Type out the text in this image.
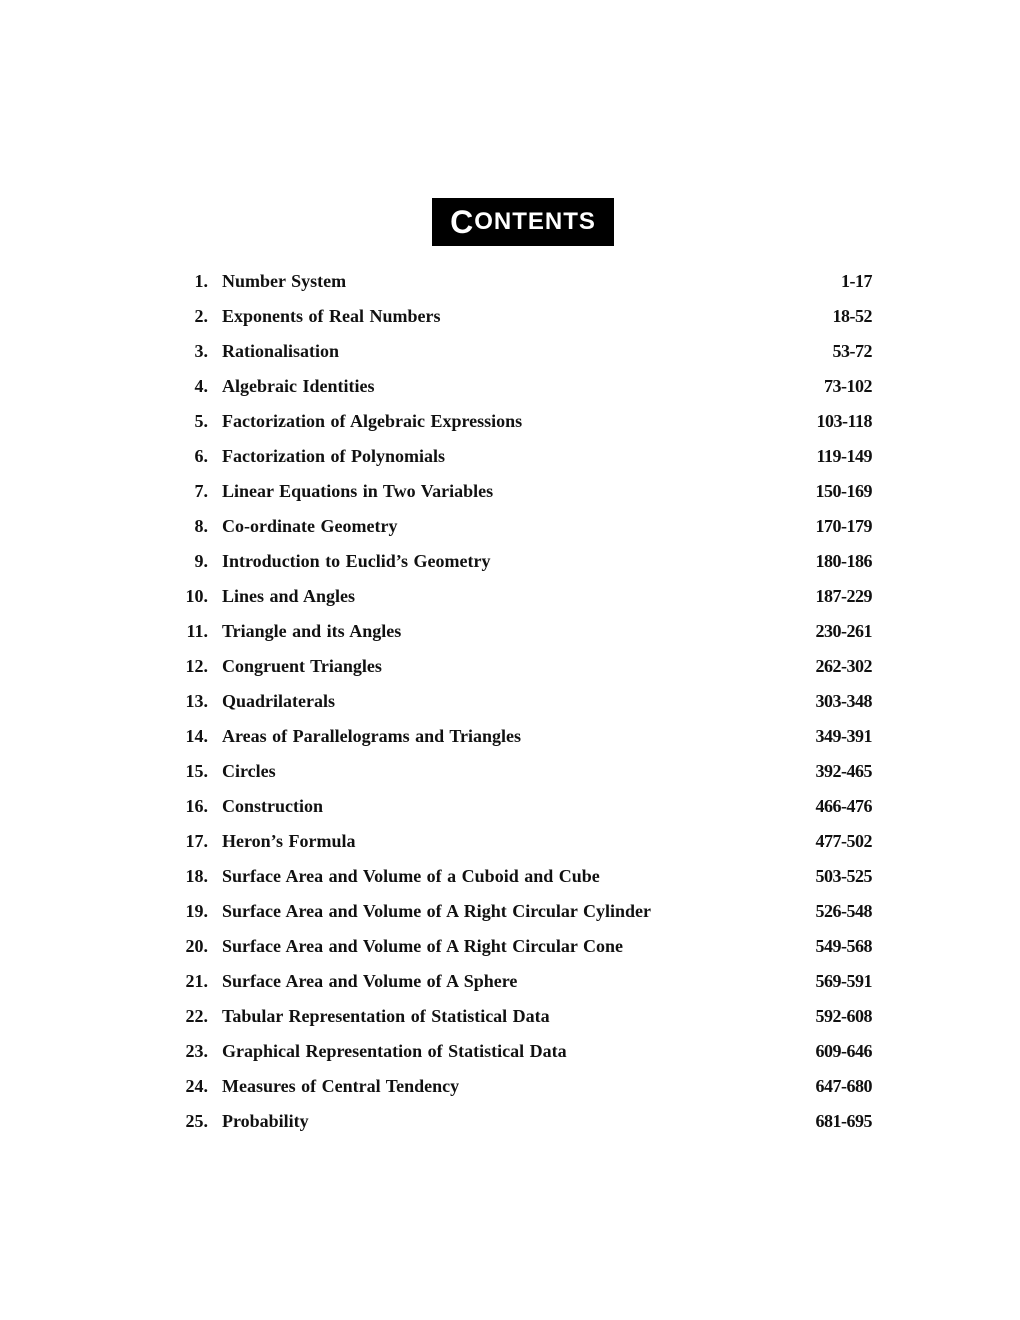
C ONTENTS
1. Number System	1-17
2. Exponents of Real Numbers	18-52
3. Rationalisation	53-72
4. Algebraic Identities	73-102
5. Factorization of Algebraic Expressions	103-118
6. Factorization of Polynomials	119-149
7. Linear Equations in Two Variables	150-169
8. Co-ordinate Geometry	170-179
9. Introduction to Euclid’s Geometry	180-186
10. Lines and Angles	187-229
11. Triangle and its Angles	230-261
12. Congruent Triangles	262-302
13. Quadrilaterals	303-348
14. Areas of Parallelograms and Triangles	349-391
15. Circles	392-465
16. Construction	466-476
17. Heron’s Formula	477-502
18. Surface Area and Volume of a Cuboid and Cube	503-525
19. Surface Area and Volume of A Right Circular Cylinder	526-548
20. Surface Area and Volume of A Right Circular Cone	549-568
21. Surface Area and Volume of A Sphere	569-591
22. Tabular Representation of Statistical Data	592-608
23. Graphical Representation of Statistical Data	609-646
24. Measures of Central Tendency	647-680
25. Probability	681-695
